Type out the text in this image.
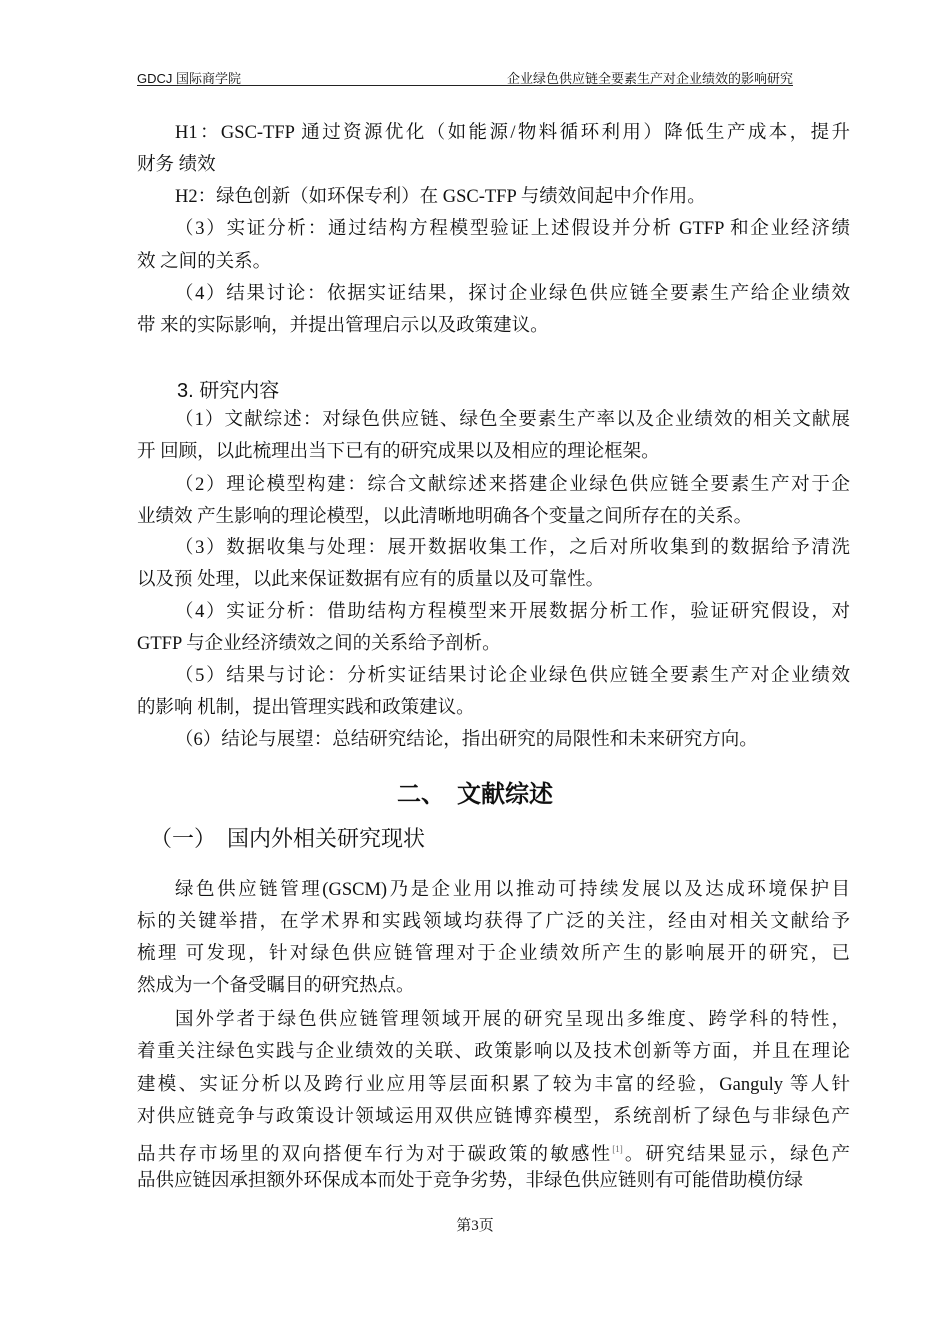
GDCJ 国际商学院	企业绿色供应链全要素生产对企业绩效的影响研究
H1：GSC-TFP 通过资源优化（如能源/物料循环利用）降低生产成本，提升
财务 绩效
H2：绿色创新（如环保专利）在 GSC-TFP 与绩效间起中介作用。
（3）实证分析：通过结构方程模型验证上述假设并分析 GTFP 和企业经济绩
效 之间的关系。
（4）结果讨论：依据实证结果，探讨企业绿色供应链全要素生产给企业绩效
带 来的实际影响，并提出管理启示以及政策建议。
3. 研究内容
（1）文献综述：对绿色供应链、绿色全要素生产率以及企业绩效的相关文献展
开 回顾，以此梳理出当下已有的研究成果以及相应的理论框架。
（2）理论模型构建：综合文献综述来搭建企业绿色供应链全要素生产对于企
业绩效 产生影响的理论模型，以此清晰地明确各个变量之间所存在的关系。
（3）数据收集与处理：展开数据收集工作，之后对所收集到的数据给予清洗
以及预 处理，以此来保证数据有应有的质量以及可靠性。
（4）实证分析：借助结构方程模型来开展数据分析工作，验证研究假设，对
GTFP 与企业经济绩效之间的关系给予剖析。
（5）结果与讨论：分析实证结果讨论企业绿色供应链全要素生产对企业绩效
的影响 机制，提出管理实践和政策建议。
（6）结论与展望：总结研究结论，指出研究的局限性和未来研究方向。
二、　文献综述
（一）　国内外相关研究现状
绿色供应链管理(GSCM)乃是企业用以推动可持续发展以及达成环境保护目
标的关键举措，在学术界和实践领域均获得了广泛的关注，经由对相关文献给予
梳理 可发现，针对绿色供应链管理对于企业绩效所产生的影响展开的研究，已
然成为一个备受瞩目的研究热点。
国外学者于绿色供应链管理领域开展的研究呈现出多维度、跨学科的特性，
着重关注绿色实践与企业绩效的关联、政策影响以及技术创新等方面，并且在理论
建模、实证分析以及跨行业应用等层面积累了较为丰富的经验，Ganguly 等人针
对供应链竞争与政策设计领域运用双供应链博弈模型，系统剖析了绿色与非绿色产
品共存市场里的双向搭便车行为对于碳政策的敏感性[1]。研究结果显示，绿色产
品供应链因承担额外环保成本而处于竞争劣势，非绿色供应链则有可能借助模仿绿
第3页
